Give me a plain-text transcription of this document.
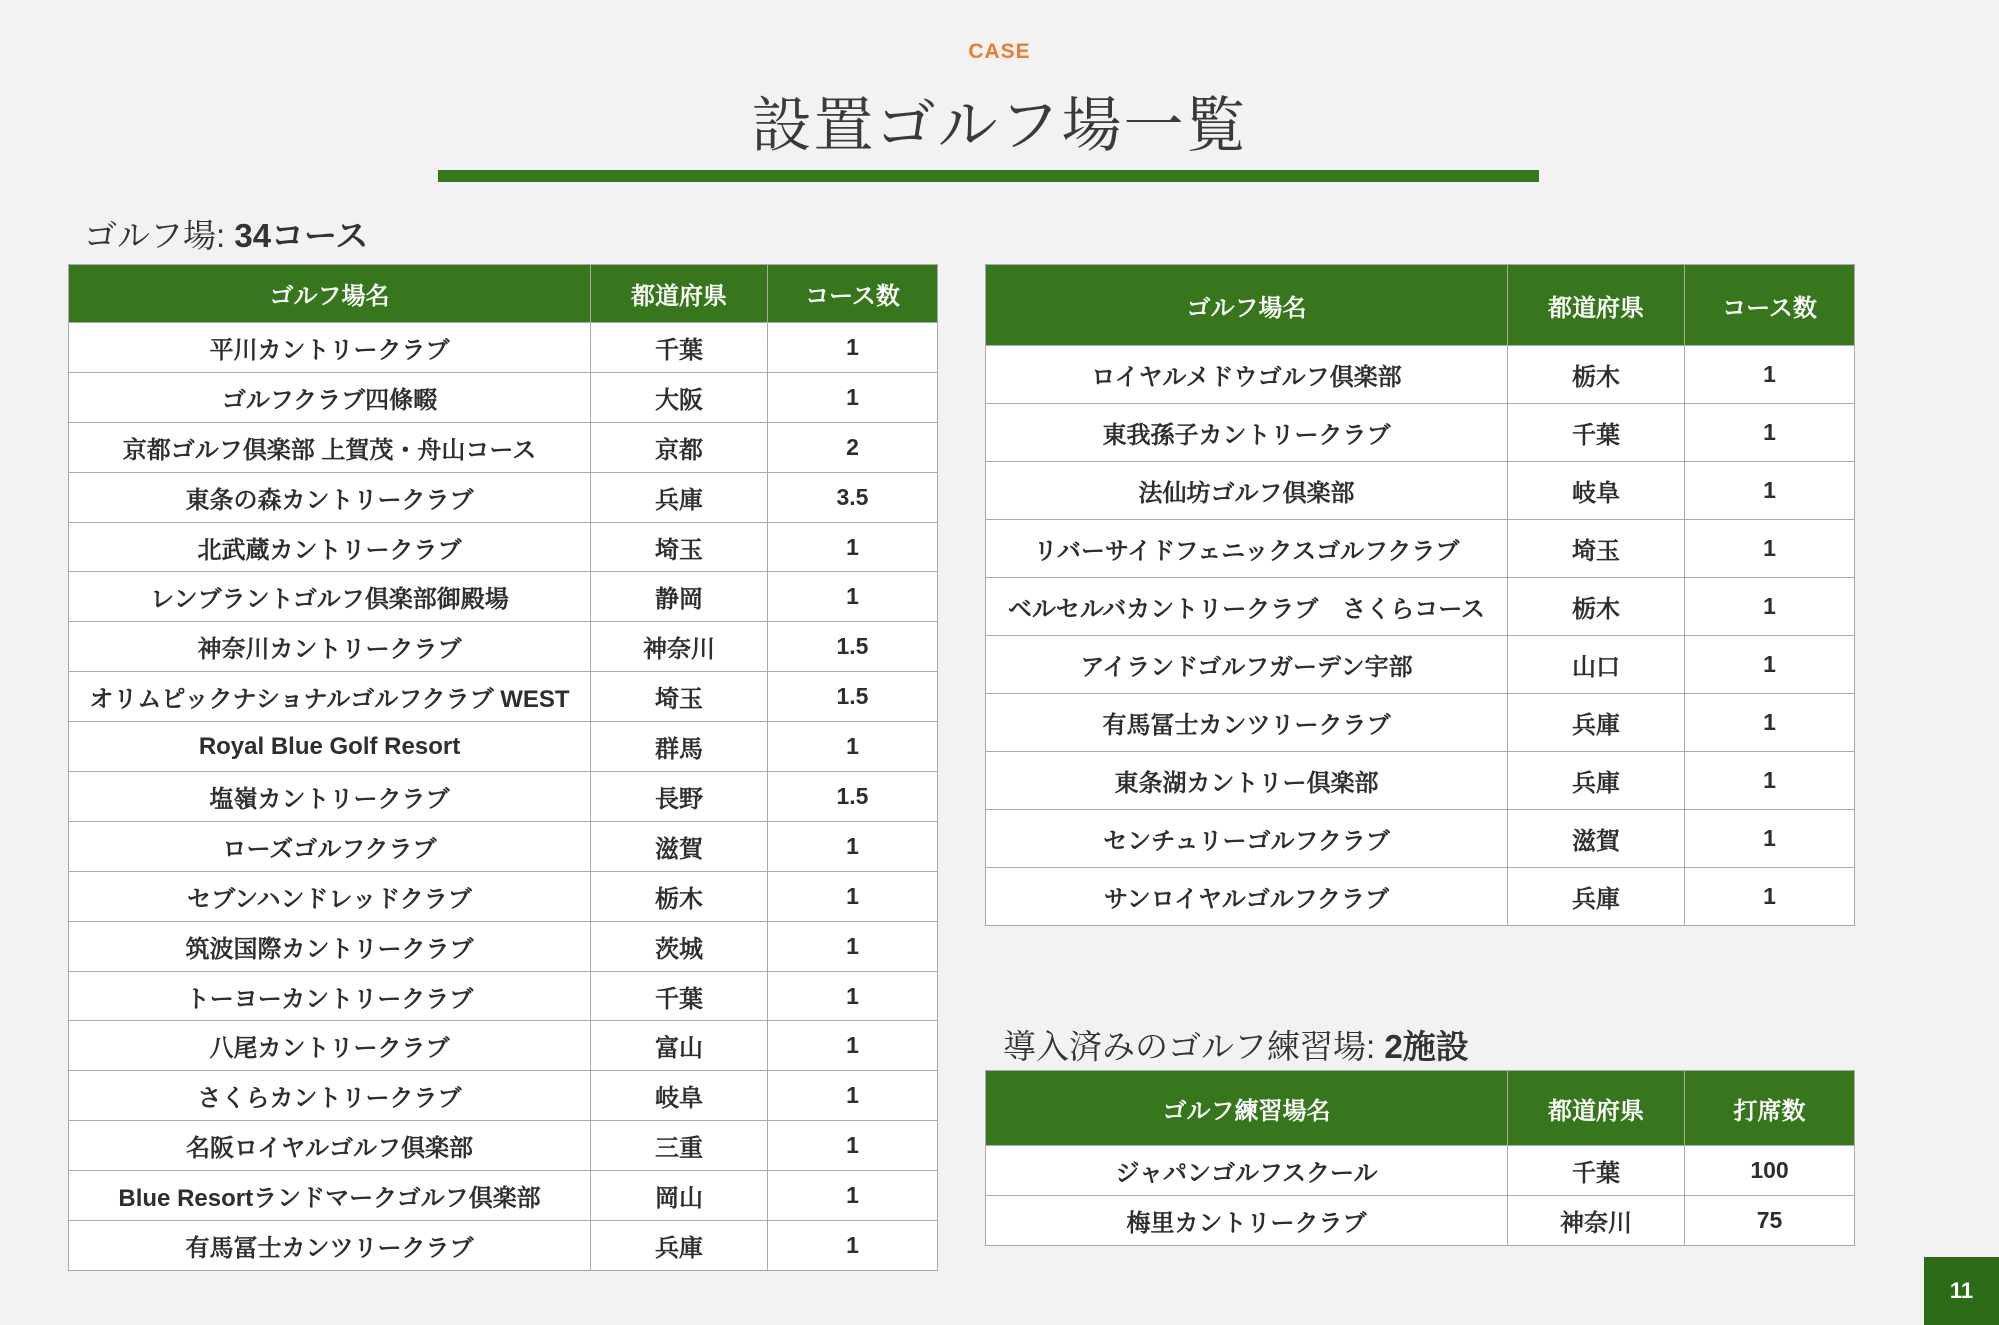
CASE
設置ゴルフ場一覧
ゴルフ場: 34コース
ゴルフ場名	都道府県	コース数
平川カントリークラブ	千葉	1
ゴルフクラブ四條畷	大阪	1
京都ゴルフ倶楽部 上賀茂・舟山コース	京都	2
東条の森カントリークラブ	兵庫	3.5
北武蔵カントリークラブ	埼玉	1
レンブラントゴルフ倶楽部御殿場	静岡	1
神奈川カントリークラブ	神奈川	1.5
オリムピックナショナルゴルフクラブ WEST	埼玉	1.5
Royal Blue Golf Resort	群馬	1
塩嶺カントリークラブ	長野	1.5
ローズゴルフクラブ	滋賀	1
セブンハンドレッドクラブ	栃木	1
筑波国際カントリークラブ	茨城	1
トーヨーカントリークラブ	千葉	1
八尾カントリークラブ	富山	1
さくらカントリークラブ	岐阜	1
名阪ロイヤルゴルフ倶楽部	三重	1
Blue Resortランドマークゴルフ倶楽部	岡山	1
有馬冨士カンツリークラブ	兵庫	1
ゴルフ場名	都道府県	コース数
ロイヤルメドウゴルフ倶楽部	栃木	1
東我孫子カントリークラブ	千葉	1
法仙坊ゴルフ倶楽部	岐阜	1
リバーサイドフェニックスゴルフクラブ	埼玉	1
ベルセルバカントリークラブ　さくらコース	栃木	1
アイランドゴルフガーデン宇部	山口	1
有馬冨士カンツリークラブ	兵庫	1
東条湖カントリー倶楽部	兵庫	1
センチュリーゴルフクラブ	滋賀	1
サンロイヤルゴルフクラブ	兵庫	1
導入済みのゴルフ練習場: 2施設
ゴルフ練習場名	都道府県	打席数
ジャパンゴルフスクール	千葉	100
梅里カントリークラブ	神奈川	75
11
